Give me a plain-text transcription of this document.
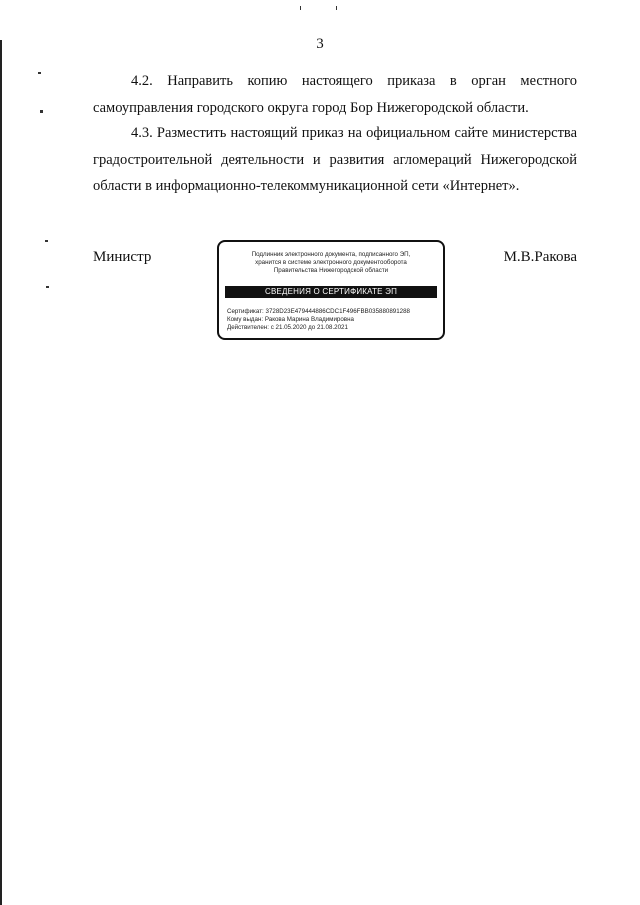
3
4.2. Направить копию настоящего приказа в орган местного
самоуправления городского округа город Бор Нижегородской области.
4.3. Разместить настоящий приказ на официальном сайте министерства
градостроительной деятельности и развития агломераций Нижегородской
области в информационно-телекоммуникационной сети «Интернет».
Министр	М.В.Ракова
Подлинник электронного документа, подписанного ЭП,
хранится в системе электронного документооборота
Правительства Нижегородской области
СВЕДЕНИЯ О СЕРТИФИКАТЕ ЭП
Сертификат: 3728D23E479444886CDC1F496FBB035880891288
Кому выдан: Ракова Марина Владимировна
Действителен: с 21.05.2020 до 21.08.2021
